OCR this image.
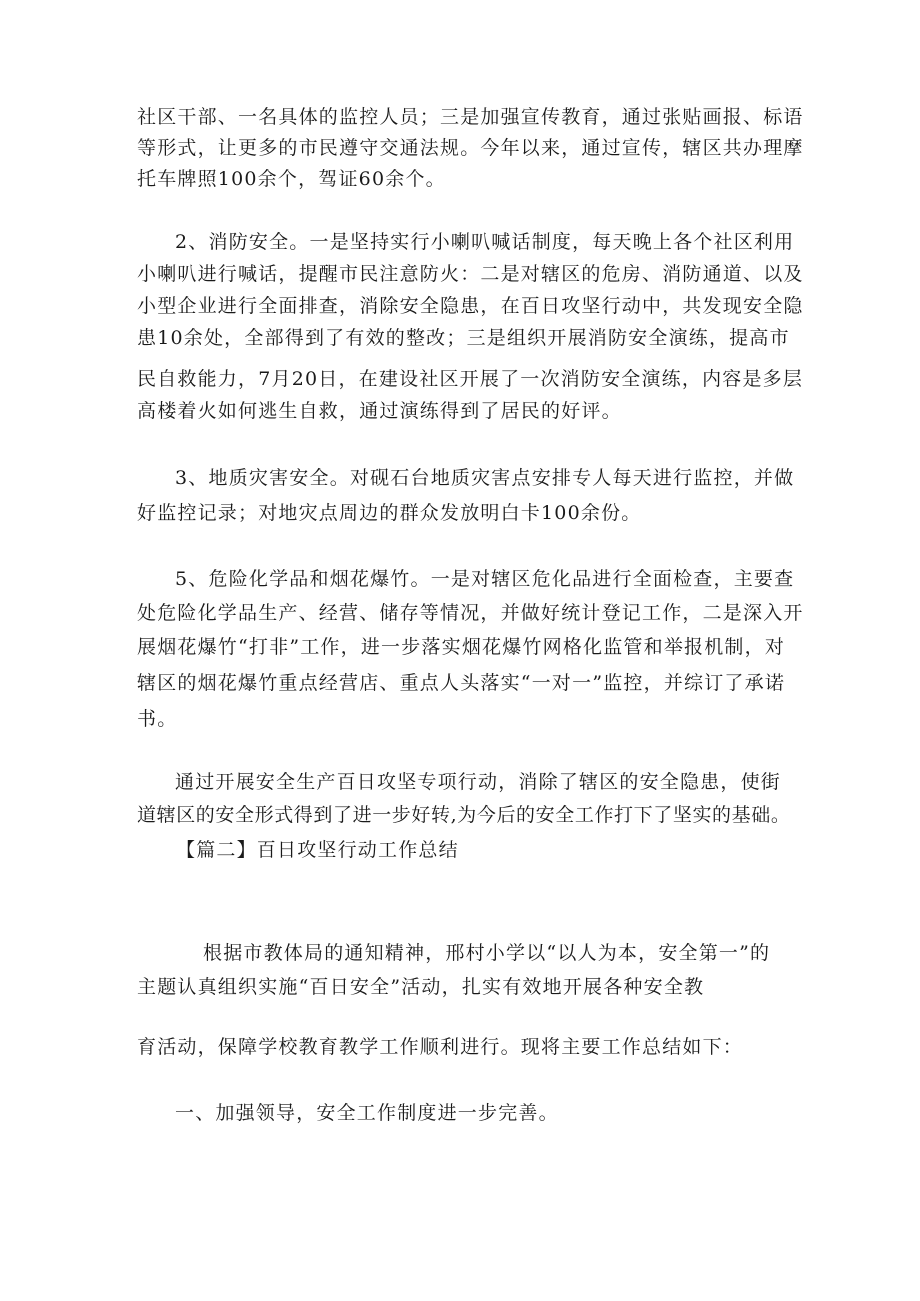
社区干部、一名具体的监控人员；三是加强宣传教育，通过张贴画报、标语
等形式，让更多的市民遵守交通法规。今年以来，通过宣传，辖区共办理摩
托车牌照100余个，驾证60余个。
2、消防安全。一是坚持实行小喇叭喊话制度，每天晚上各个社区利用
小喇叭进行喊话，提醒市民注意防火：二是对辖区的危房、消防通道、以及
小型企业进行全面排查，消除安全隐患，在百日攻坚行动中，共发现安全隐
患10余处，全部得到了有效的整改；三是组织开展消防安全演练，提高市
民自救能力，7月20日，在建设社区开展了一次消防安全演练，内容是多层
高楼着火如何逃生自救，通过演练得到了居民的好评。
3、地质灾害安全。对砚石台地质灾害点安排专人每天进行监控，并做
好监控记录；对地灾点周边的群众发放明白卡100余份。
5、危险化学品和烟花爆竹。一是对辖区危化品进行全面检查，主要查
处危险化学品生产、经营、储存等情况，并做好统计登记工作，二是深入开
展烟花爆竹“打非”工作，进一步落实烟花爆竹网格化监管和举报机制，对
辖区的烟花爆竹重点经营店、重点人头落实“一对一”监控，并综订了承诺
书。
通过开展安全生产百日攻坚专项行动，消除了辖区的安全隐患，使街
道辖区的安全形式得到了进一步好转,为今后的安全工作打下了坚实的基础。
【篇二】百日攻坚行动工作总结
根据市教体局的通知精神，邢村小学以“以人为本，安全第一”的
主题认真组织实施“百日安全”活动，扎实有效地开展各种安全教
育活动，保障学校教育教学工作顺利进行。现将主要工作总结如下：
一、加强领导，安全工作制度进一步完善。
